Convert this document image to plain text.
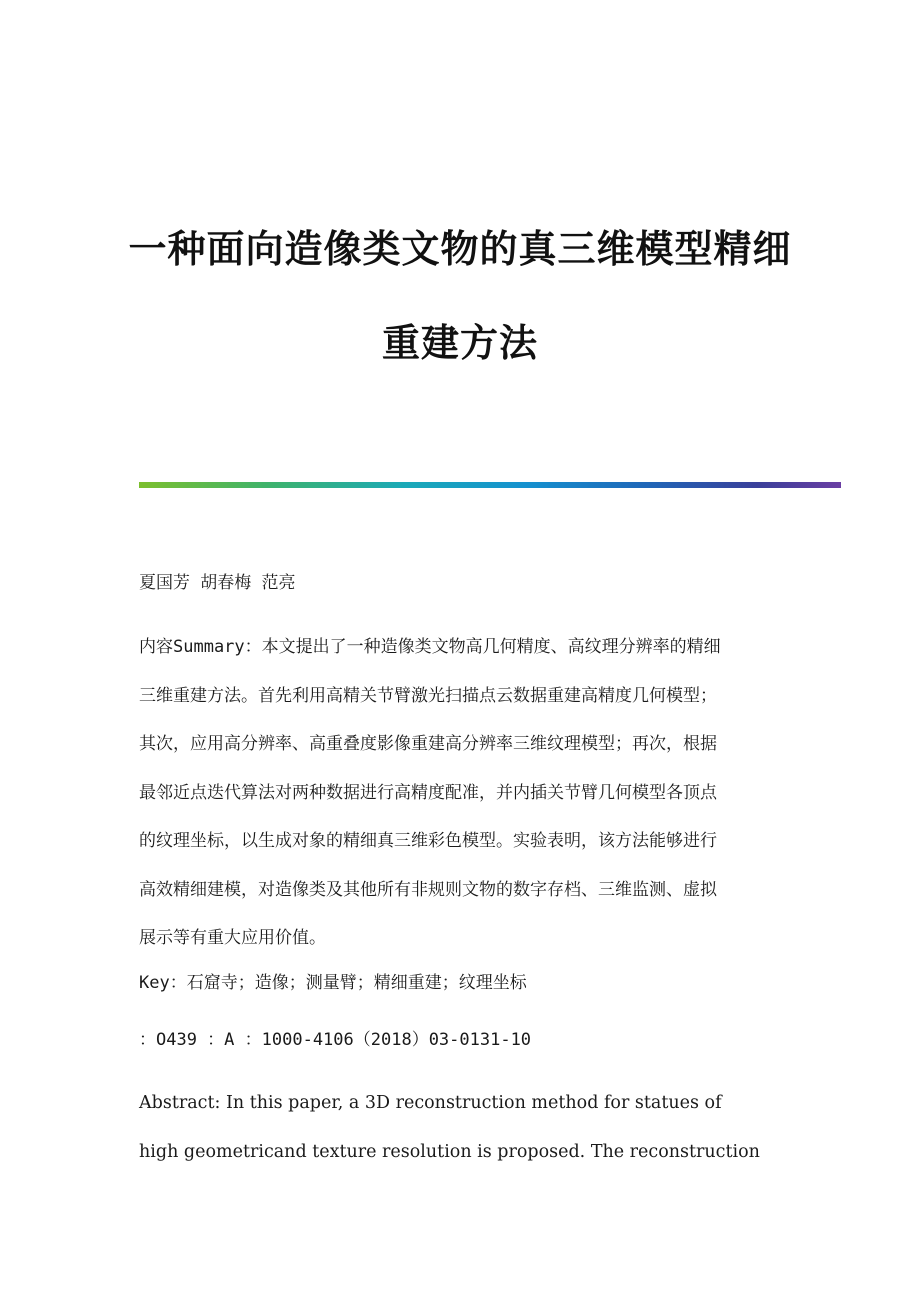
一种面向造像类文物的真三维模型精细
重建方法

夏国芳 胡春梅 范亮

内容Summary：本文提出了一种造像类文物高几何精度、高纹理分辨率的精细
三维重建方法。首先利用高精关节臂激光扫描点云数据重建高精度几何模型；
其次，应用高分辨率、高重叠度影像重建高分辨率三维纹理模型；再次，根据
最邻近点迭代算法对两种数据进行高精度配准，并内插关节臂几何模型各顶点
的纹理坐标，以生成对象的精细真三维彩色模型。实验表明，该方法能够进行
高效精细建模，对造像类及其他所有非规则文物的数字存档、三维监测、虚拟
展示等有重大应用价值。

Key：石窟寺；造像；测量臂；精细重建；纹理坐标

：O439 ：A ：1000-4106（2018）03-0131-10

Abstract: In this paper, a 3D reconstruction method for statues of
high geometricand texture resolution is proposed. The reconstruction
